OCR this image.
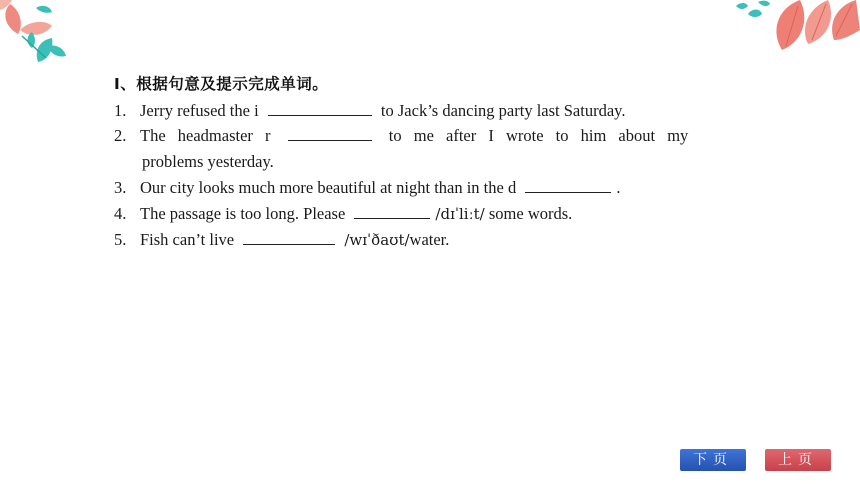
Ⅰ、根据句意及提示完成单词。
1. Jerry refused the i	to Jack’s dancing party last Saturday.
2. The headmaster r	to me after I wrote to him about my
problems yesterday.
3. Our city looks much more beautiful at night than in the d	.
4. The passage is too long. Please	/dɪˈliːt/ some words.
5. Fish can’t live	/wɪˈðaʊt/water.
下页	上页
